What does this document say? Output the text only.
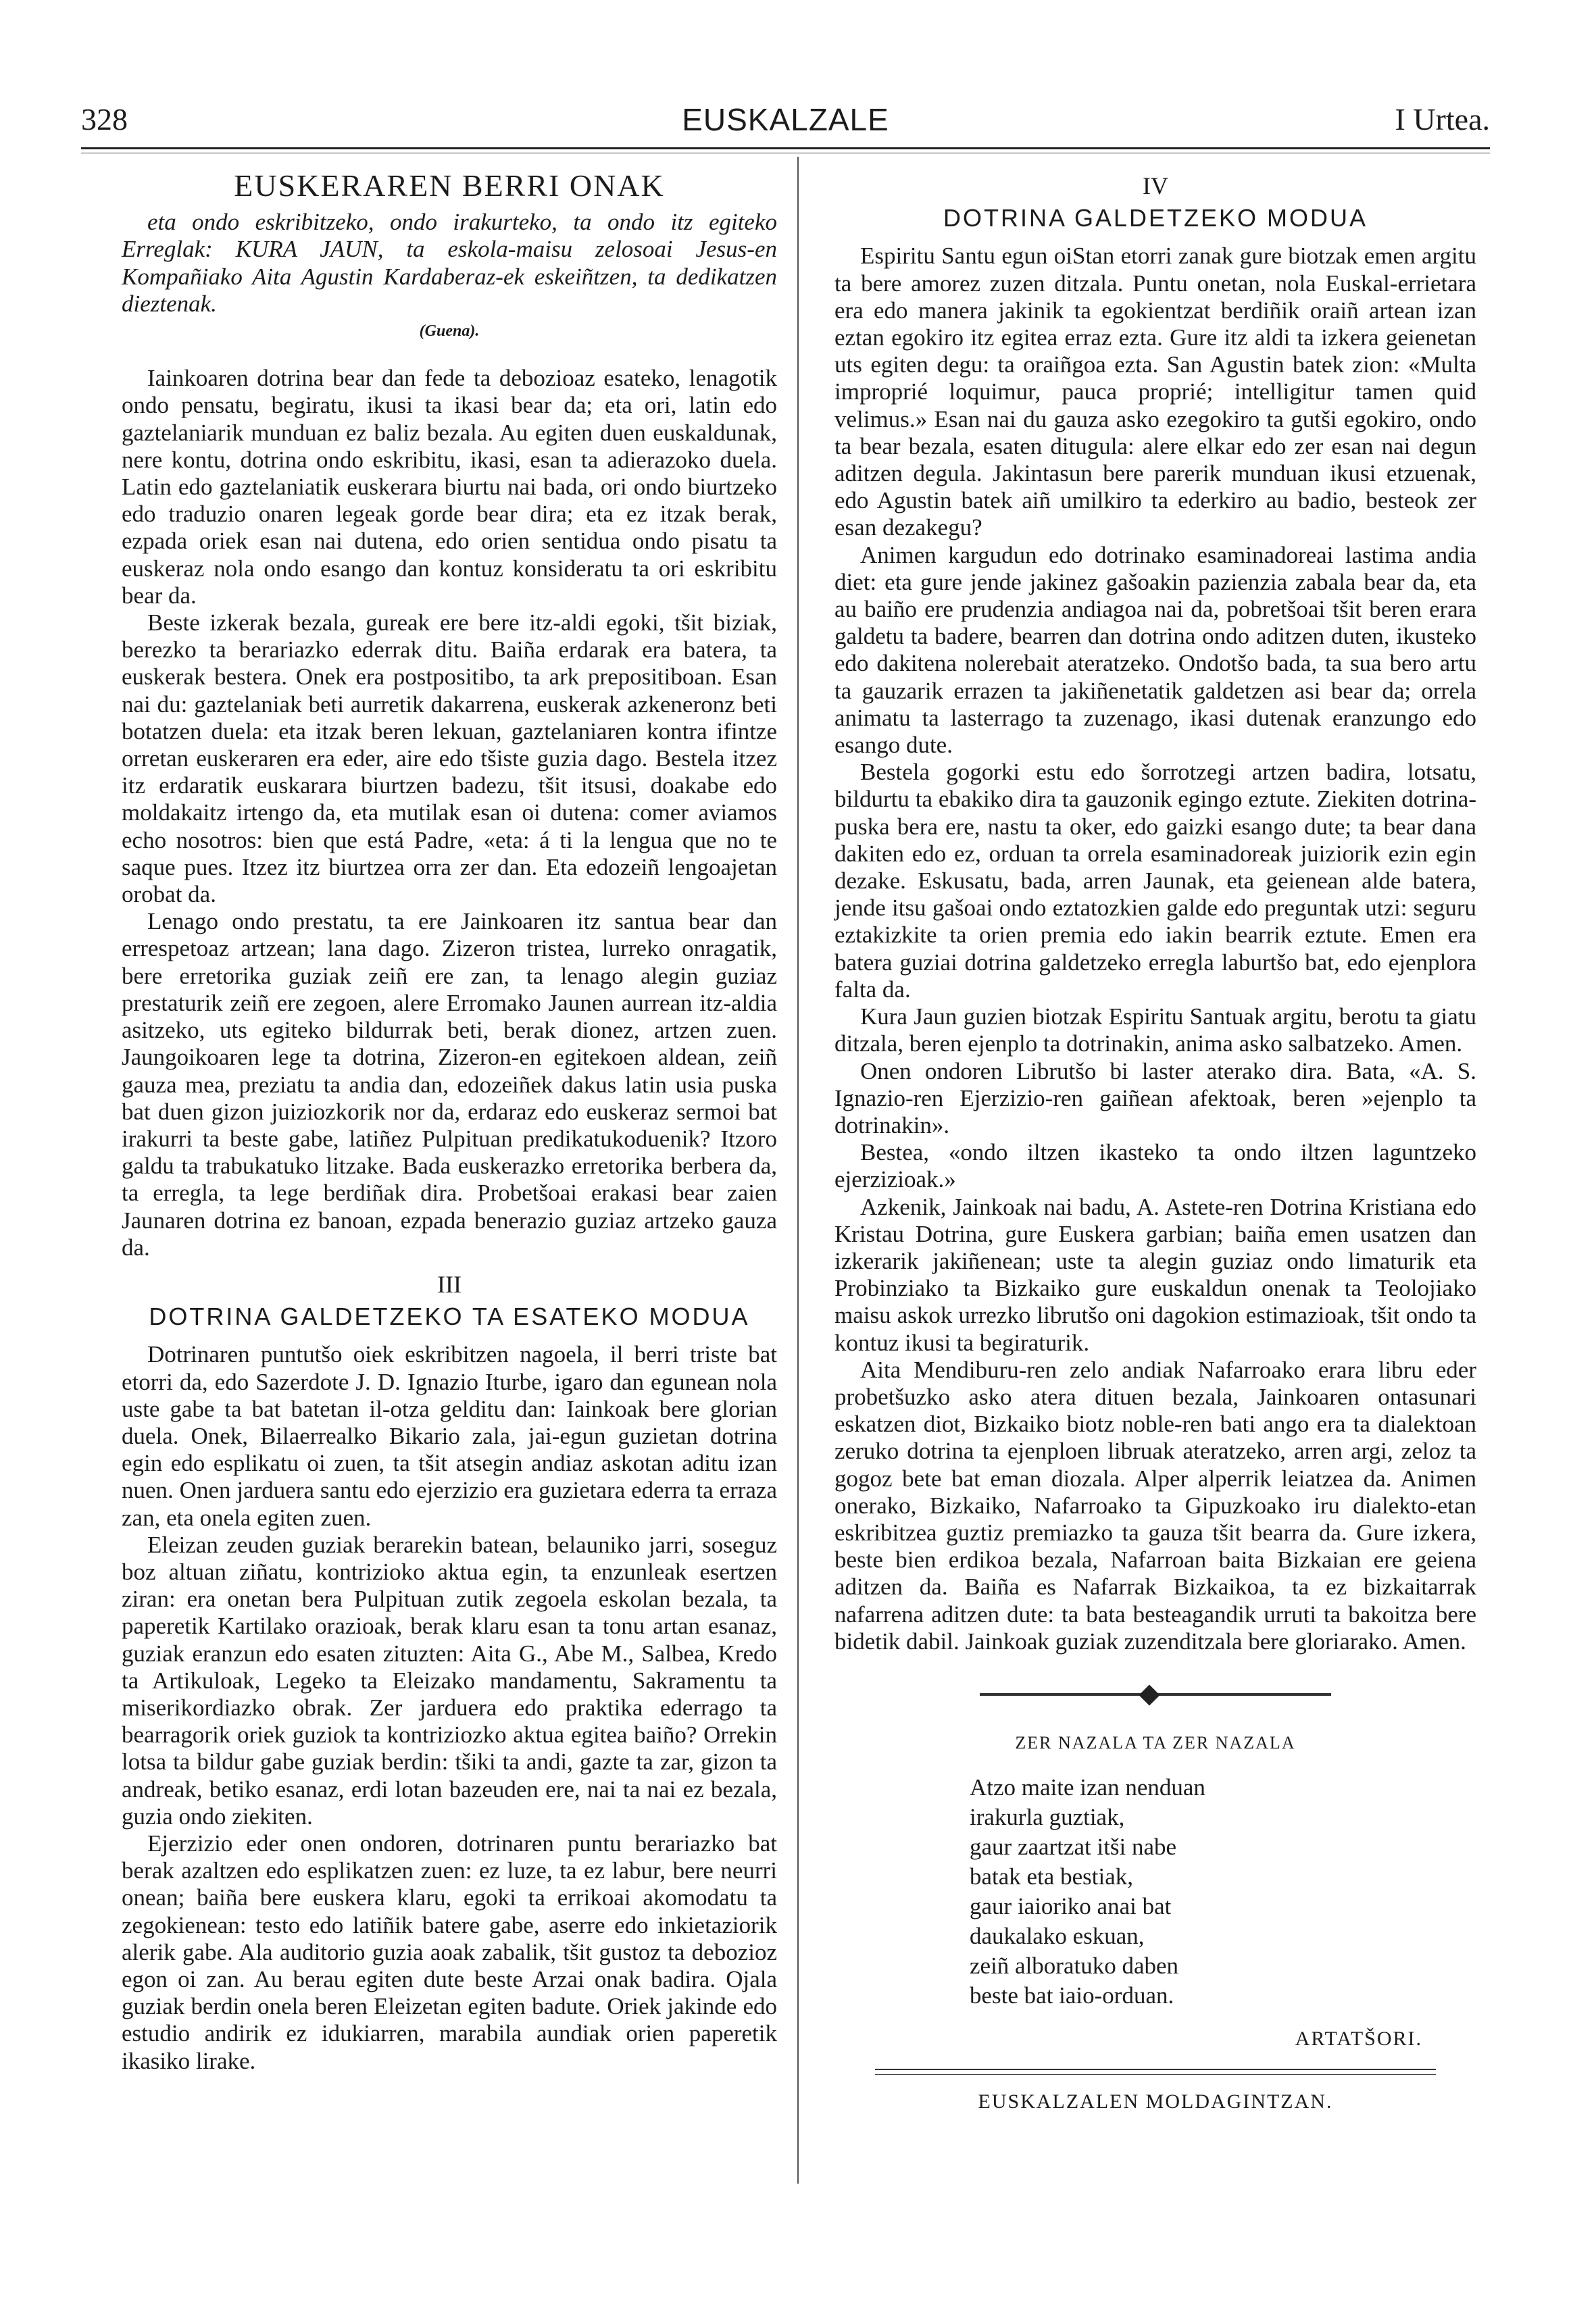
328	EUSKALZALE	I Urtea.
EUSKERAREN BERRI ONAK

eta ondo eskribitzeko, ondo irakurteko, ta ondo itz egiteko Erreglak: KURA JAUN, ta eskola-maisu zelosoai Jesus-en Kompañiako Aita Agustin Kardaberaz-ek eskeiñtzen, ta dedikatzen dieztenak.

(Guena).

Iainkoaren dotrina bear dan fede ta debozioaz esateko, lenagotik ondo pensatu, begiratu, ikusi ta ikasi bear da; eta ori, latin edo gaztelaniarik munduan ez baliz bezala. Au egiten duen euskaldunak, nere kontu, dotrina ondo eskribitu, ikasi, esan ta adierazoko duela. Latin edo gaztelaniatik euskerara biurtu nai bada, ori ondo biurtzeko edo traduzio onaren legeak gorde bear dira; eta ez itzak berak, ezpada oriek esan nai dutena, edo orien sentidua ondo pisatu ta euskeraz nola ondo esango dan kontuz konsideratu ta ori eskribitu bear da.

Beste izkerak bezala, gureak ere bere itz-aldi egoki, tšit biziak, berezko ta berariazko ederrak ditu. Baiña erdarak era batera, ta euskerak bestera. Onek era postpositibo, ta ark prepositiboan. Esan nai du: gaztelaniak beti aurretik dakarrena, euskerak azkeneronz beti botatzen duela: eta itzak beren lekuan, gaztelaniaren kontra ifintze orretan euskeraren era eder, aire edo tšiste guzia dago. Bestela itzez itz erdaratik euskarara biurtzen badezu, tšit itsusi, doakabe edo moldakaitz irtengo da, eta mutilak esan oi dutena: comer aviamos echo nosotros: bien que está Padre, «eta: á ti la lengua que no te saque pues. Itzez itz biurtzea orra zer dan. Eta edozeiñ lengoajetan orobat da.

Lenago ondo prestatu, ta ere Jainkoaren itz santua bear dan errespetoaz artzean; lana dago. Zizeron tristea, lurreko onragatik, bere erretorika guziak zeiñ ere zan, ta lenago alegin guziaz prestaturik zeiñ ere zegoen, alere Erromako Jaunen aurrean itz-aldia asitzeko, uts egiteko bildurrak beti, berak dionez, artzen zuen. Jaungoikoaren lege ta dotrina, Zizeron-en egitekoen aldean, zeiñ gauza mea, preziatu ta andia dan, edozeiñek dakus latin usia puska bat duen gizon juiziozkorik nor da, erdaraz edo euskeraz sermoi bat irakurri ta beste gabe, latiñez Pulpituan predikatukoduenik? Itzoro galdu ta trabukatuko litzake. Bada euskerazko erretorika berbera da, ta erregla, ta lege berdiñak dira. Probetšoai erakasi bear zaien Jaunaren dotrina ez banoan, ezpada benerazio guziaz artzeko gauza da.

III
DOTRINA GALDETZEKO TA ESATEKO MODUA

Dotrinaren puntutšo oiek eskribitzen nagoela, il berri triste bat etorri da, edo Sazerdote J. D. Ignazio Iturbe, igaro dan egunean nola uste gabe ta bat batetan il-otza gelditu dan: Iainkoak bere glorian duela. Onek, Bilaerrealko Bikario zala, jai-egun guzietan dotrina egin edo esplikatu oi zuen, ta tšit atsegin andiaz askotan aditu izan nuen. Onen jarduera santu edo ejerzizio era guzietara ederra ta erraza zan, eta onela egiten zuen.

Eleizan zeuden guziak berarekin batean, belauniko jarri, soseguz boz altuan ziñatu, kontrizioko aktua egin, ta enzunleak esertzen ziran: era onetan bera Pulpituan zutik zegoela eskolan bezala, ta paperetik Kartilako orazioak, berak klaru esan ta tonu artan esanaz, guziak eranzun edo esaten zituzten: Aita G., Abe M., Salbea, Kredo ta Artikuloak, Legeko ta Eleizako mandamentu, Sakramentu ta miserikordiazko obrak. Zer jarduera edo praktika ederrago ta bearragorik oriek guziok ta kontriziozko aktua egitea baiño? Orrekin lotsa ta bildur gabe guziak berdin: tšiki ta andi, gazte ta zar, gizon ta andreak, betiko esanaz, erdi lotan bazeuden ere, nai ta nai ez bezala, guzia ondo ziekiten.

Ejerzizio eder onen ondoren, dotrinaren puntu berariazko bat berak azaltzen edo esplikatzen zuen: ez luze, ta ez labur, bere neurri onean; baiña bere euskera klaru, egoki ta errikoai akomodatu ta zegokienean: testo edo latiñik batere gabe, aserre edo inkietaziorik alerik gabe. Ala auditorio guzia aoak zabalik, tšit gustoz ta debozioz egon oi zan. Au berau egiten dute beste Arzai onak badira. Ojala guziak berdin onela beren Eleizetan egiten badute. Oriek jakinde edo estudio andirik ez idukiarren, marabila aundiak orien paperetik ikasiko lirake.

IV
DOTRINA GALDETZEKO MODUA

Espiritu Santu egun oiStan etorri zanak gure biotzak emen argitu ta bere amorez zuzen ditzala. Puntu onetan, nola Euskal-errietara era edo manera jakinik ta egokientzat berdiñik oraiñ artean izan eztan egokiro itz egitea erraz ezta. Gure itz aldi ta izkera geienetan uts egiten degu: ta oraiñgoa ezta. San Agustin batek zion: «Multa improprié loquimur, pauca proprié; intelligitur tamen quid velimus.» Esan nai du gauza asko ezegokiro ta gutši egokiro, ondo ta bear bezala, esaten ditugula: alere elkar edo zer esan nai degun aditzen degula. Jakintasun bere parerik munduan ikusi etzuenak, edo Agustin batek aiñ umilkiro ta ederkiro au badio, besteok zer esan dezakegu?

Animen kargudun edo dotrinako esaminadoreai lastima andia diet: eta gure jende jakinez gašoakin pazienzia zabala bear da, eta au baiño ere prudenzia andiagoa nai da, pobretšoai tšit beren erara galdetu ta badere, bearren dan dotrina ondo aditzen duten, ikusteko edo dakitena nolerebait ateratzeko. Ondotšo bada, ta sua bero artu ta gauzarik errazen ta jakiñenetatik galdetzen asi bear da; orrela animatu ta lasterrago ta zuzenago, ikasi dutenak eranzungo edo esango dute.

Bestela gogorki estu edo šorrotzegi artzen badira, lotsatu, bildurtu ta ebakiko dira ta gauzonik egingo eztute. Ziekiten dotrina-puska bera ere, nastu ta oker, edo gaizki esango dute; ta bear dana dakiten edo ez, orduan ta orrela esaminadoreak juiziorik ezin egin dezake. Eskusatu, bada, arren Jaunak, eta geienean alde batera, jende itsu gašoai ondo eztatozkien galde edo preguntak utzi: seguru eztakizkite ta orien premia edo iakin bearrik eztute. Emen era batera guziai dotrina galdetzeko erregla laburtšo bat, edo ejenplora falta da.

Kura Jaun guzien biotzak Espiritu Santuak argitu, berotu ta giatu ditzala, beren ejenplo ta dotrinakin, anima asko salbatzeko. Amen.

Onen ondoren Librutšo bi laster aterako dira. Bata, «A. S. Ignazio-ren Ejerzizio-ren gaiñean afektoak, beren »ejenplo ta dotrinakin».

Bestea, «ondo iltzen ikasteko ta ondo iltzen laguntzeko ejerzizioak.»

Azkenik, Jainkoak nai badu, A. Astete-ren Dotrina Kristiana edo Kristau Dotrina, gure Euskera garbian; baiña emen usatzen dan izkerarik jakiñenean; uste ta alegin guziaz ondo limaturik eta Probinziako ta Bizkaiko gure euskaldun onenak ta Teolojiako maisu askok urrezko librutšo oni dagokion estimazioak, tšit ondo ta kontuz ikusi ta begiraturik.

Aita Mendiburu-ren zelo andiak Nafarroako erara libru eder probetšuzko asko atera dituen bezala, Jainkoaren ontasunari eskatzen diot, Bizkaiko biotz noble-ren bati ango era ta dialektoan zeruko dotrina ta ejenploen libruak ateratzeko, arren argi, zeloz ta gogoz bete bat eman diozala. Alper alperrik leiatzea da. Animen onerako, Bizkaiko, Nafarroako ta Gipuzkoako iru dialekto-etan eskribitzea guztiz premiazko ta gauza tšit bearra da. Gure izkera, beste bien erdikoa bezala, Nafarroan baita Bizkaian ere geiena aditzen da. Baiña es Nafarrak Bizkaikoa, ta ez bizkaitarrak nafarrena aditzen dute: ta bata besteagandik urruti ta bakoitza bere bidetik dabil. Jainkoak guziak zuzenditzala bere gloriarako. Amen.

ZER NAZALA TA ZER NAZALA
Atzo maite izan nenduan
irakurla guztiak,
gaur zaartzat itši nabe
batak eta bestiak,
gaur iaioriko anai bat
daukalako eskuan,
zeiñ alboratuko daben
beste bat iaio-orduan.
ARTATŠORI.
EUSKALZALEN MOLDAGINTZAN.
